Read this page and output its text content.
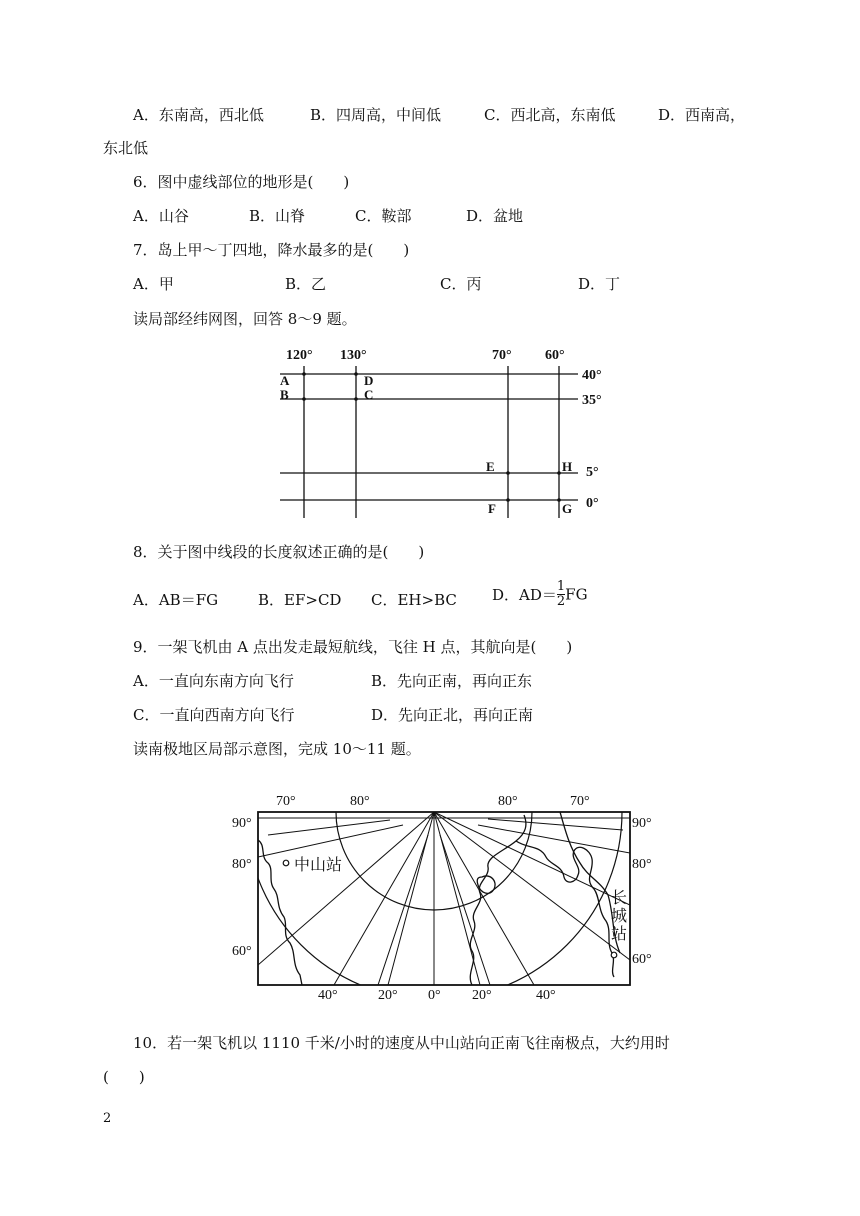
A．东南高，西北低	B．四周高，中间低	C．西北高，东南低	D．西南高，
东北低
6．图中虚线部位的地形是(　　)
A．山谷	B．山脊	C．鞍部	D．盆地
7．岛上甲～丁四地，降水最多的是(　　)
A．甲	B．乙	C．丙	D．丁
读局部经纬网图，回答 8～9 题。
120° 130°	70° 60°
40°
35°
5°
0°
A
B	C
D
E
F	G
H
8．关于图中线段的长度叙述正确的是(　　)
A．AB＝FG	B．EF>CD C．EH>BC D．$AD= \frac{1}{2}$ FG
9．一架飞机由 A 点出发走最短航线，飞往 H 点，其航向是(　　)
A．一直向东南方向飞行	B．先向正南，再向正东
C．一直向西南方向飞行	D．先向正北，再向正南
读南极地区局部示意图，完成 10～11 题。
70°	80°	80°	70°
90°
80°
60°
90°
80°
60°
40°	20° 0° 20°	40°
中山站
长
城
站
10．若一架飞机以 1110 千米/小时的速度从中山站向正南飞往南极点，大约用时
(　　)
2
